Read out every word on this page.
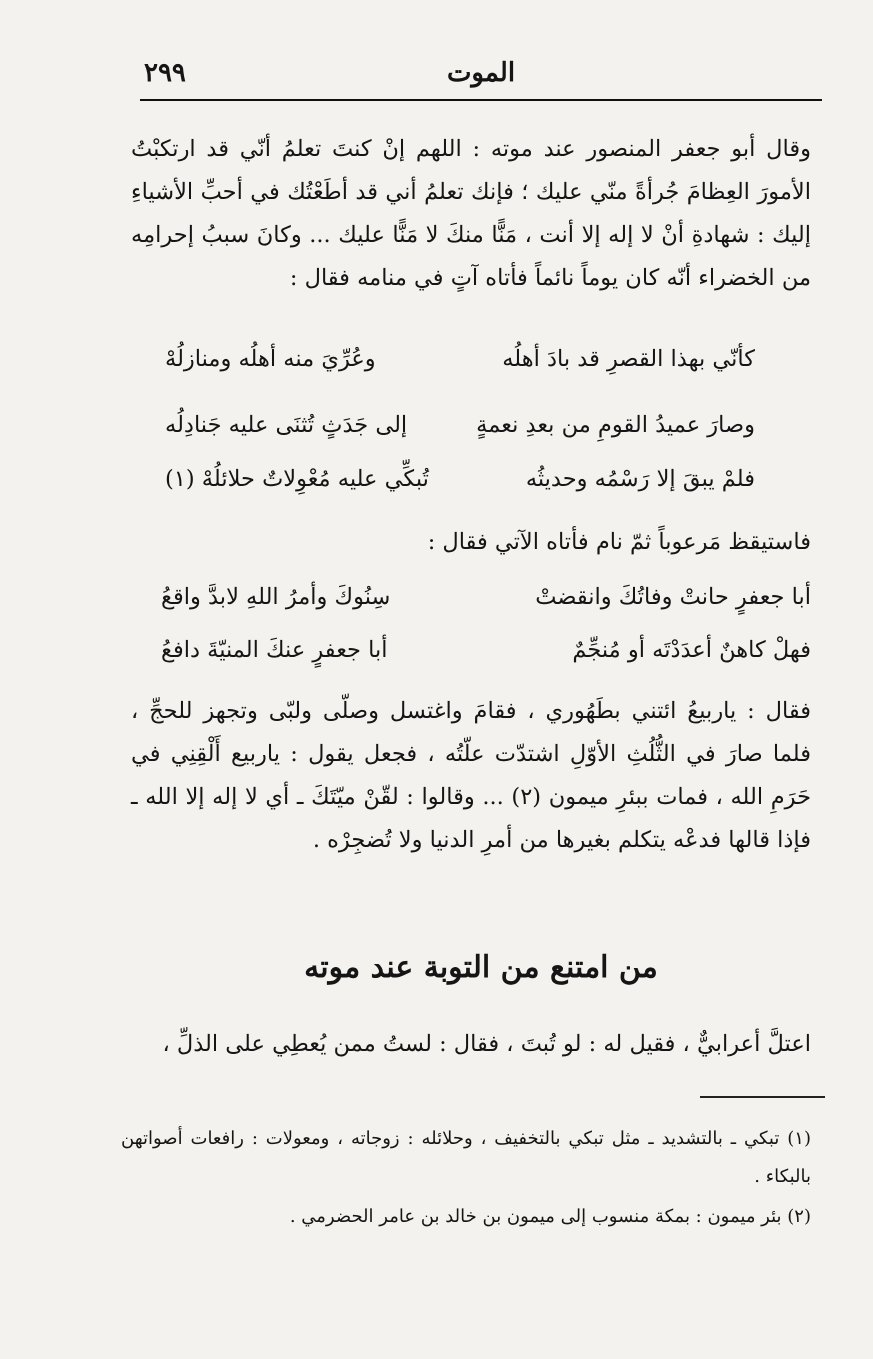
الموت
٢٩٩

وقال أبو جعفر المنصور عند موته : اللهم إنْ كنتَ تعلمُ أنّي قد ارتكبْتُ الأمورَ العِظامَ جُرأةً منّي عليك ؛ فإنك تعلمُ أني قد أطَعْتُك في أحبِّ الأشياءِ إليك : شهادةِ أنْ لا إله إلا أنت ، مَنًّا منكَ لا مَنًّا عليك ... وكانَ سببُ إحرامِه من الخضراء أنّه كان يوماً نائماً فأتاه آتٍ في منامه فقال :

كأنّي بهذا القصرِ قد بادَ أهلُه
وعُرِّيَ منه أهلُه ومنازلُهْ
وصارَ عميدُ القومِ من بعدِ نعمةٍ
إلى جَدَثٍ تُثنَى عليه جَنادِلُه
فلمْ يبقَ إلا رَسْمُه وحديثُه
تُبكِّي عليه مُعْوِلاتٌ حلائلُهْ (١)

فاستيقظ مَرعوباً ثمّ نام فأتاه الآتي فقال :

أبا جعفرٍ حانتْ وفاتُكَ وانقضتْ
سِنُوكَ وأمرُ اللهِ لابدَّ واقعُ
فهلْ كاهنٌ أعدَدْتَه أو مُنجِّمٌ
أبا جعفرٍ عنكَ المنيّةَ دافعُ

فقال : ياربيعُ ائتني بطَهُوري ، فقامَ واغتسل وصلّى ولبّى وتجهز للحجِّ ، فلما صارَ في الثُّلُثِ الأوّلِ اشتدّت علّتُه ، فجعل يقول : ياربيع أَلْقِنِي في حَرَمِ الله ، فمات ببئرِ ميمون (٢) ... وقالوا : لقّنْ ميّتَكَ ـ أي لا إله إلا الله ـ فإذا قالها فدعْه يتكلم بغيرها من أمرِ الدنيا ولا تُضجِرْه .

من امتنع من التوبة عند موته

اعتلَّ أعرابيٌّ ، فقيل له : لو تُبتَ ، فقال : لستُ ممن يُعطِي على الذلِّ ،

(١) تبكي ـ بالتشديد ـ مثل تبكي بالتخفيف ، وحلائله : زوجاته ، ومعولات : رافعات أصواتهن بالبكاء .

(٢) بئر ميمون : بمكة منسوب إلى ميمون بن خالد بن عامر الحضرمي .
